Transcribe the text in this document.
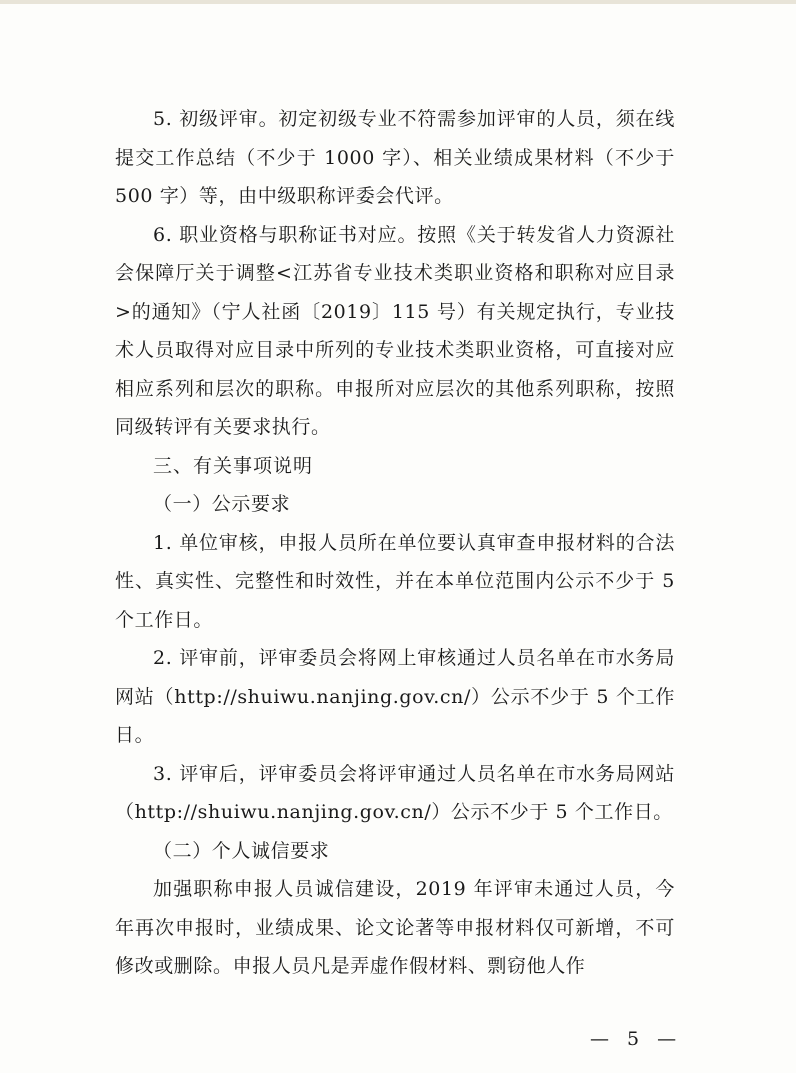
5. 初级评审。初定初级专业不符需参加评审的人员，须在线提交工作总结（不少于 1000 字）、相关业绩成果材料（不少于 500 字）等，由中级职称评委会代评。

6. 职业资格与职称证书对应。按照《关于转发省人力资源社会保障厅关于调整<江苏省专业技术类职业资格和职称对应目录>的通知》（宁人社函〔2019〕115 号）有关规定执行，专业技术人员取得对应目录中所列的专业技术类职业资格，可直接对应相应系列和层次的职称。申报所对应层次的其他系列职称，按照同级转评有关要求执行。

三、有关事项说明

（一）公示要求

1. 单位审核，申报人员所在单位要认真审查申报材料的合法性、真实性、完整性和时效性，并在本单位范围内公示不少于 5 个工作日。

2. 评审前，评审委员会将网上审核通过人员名单在市水务局网站（http://shuiwu.nanjing.gov.cn/）公示不少于 5 个工作日。

3. 评审后，评审委员会将评审通过人员名单在市水务局网站（http://shuiwu.nanjing.gov.cn/）公示不少于 5 个工作日。

（二）个人诚信要求

加强职称申报人员诚信建设，2019 年评审未通过人员，今年再次申报时，业绩成果、论文论著等申报材料仅可新增，不可修改或删除。申报人员凡是弄虚作假材料、剽窃他人作

— 5 —
